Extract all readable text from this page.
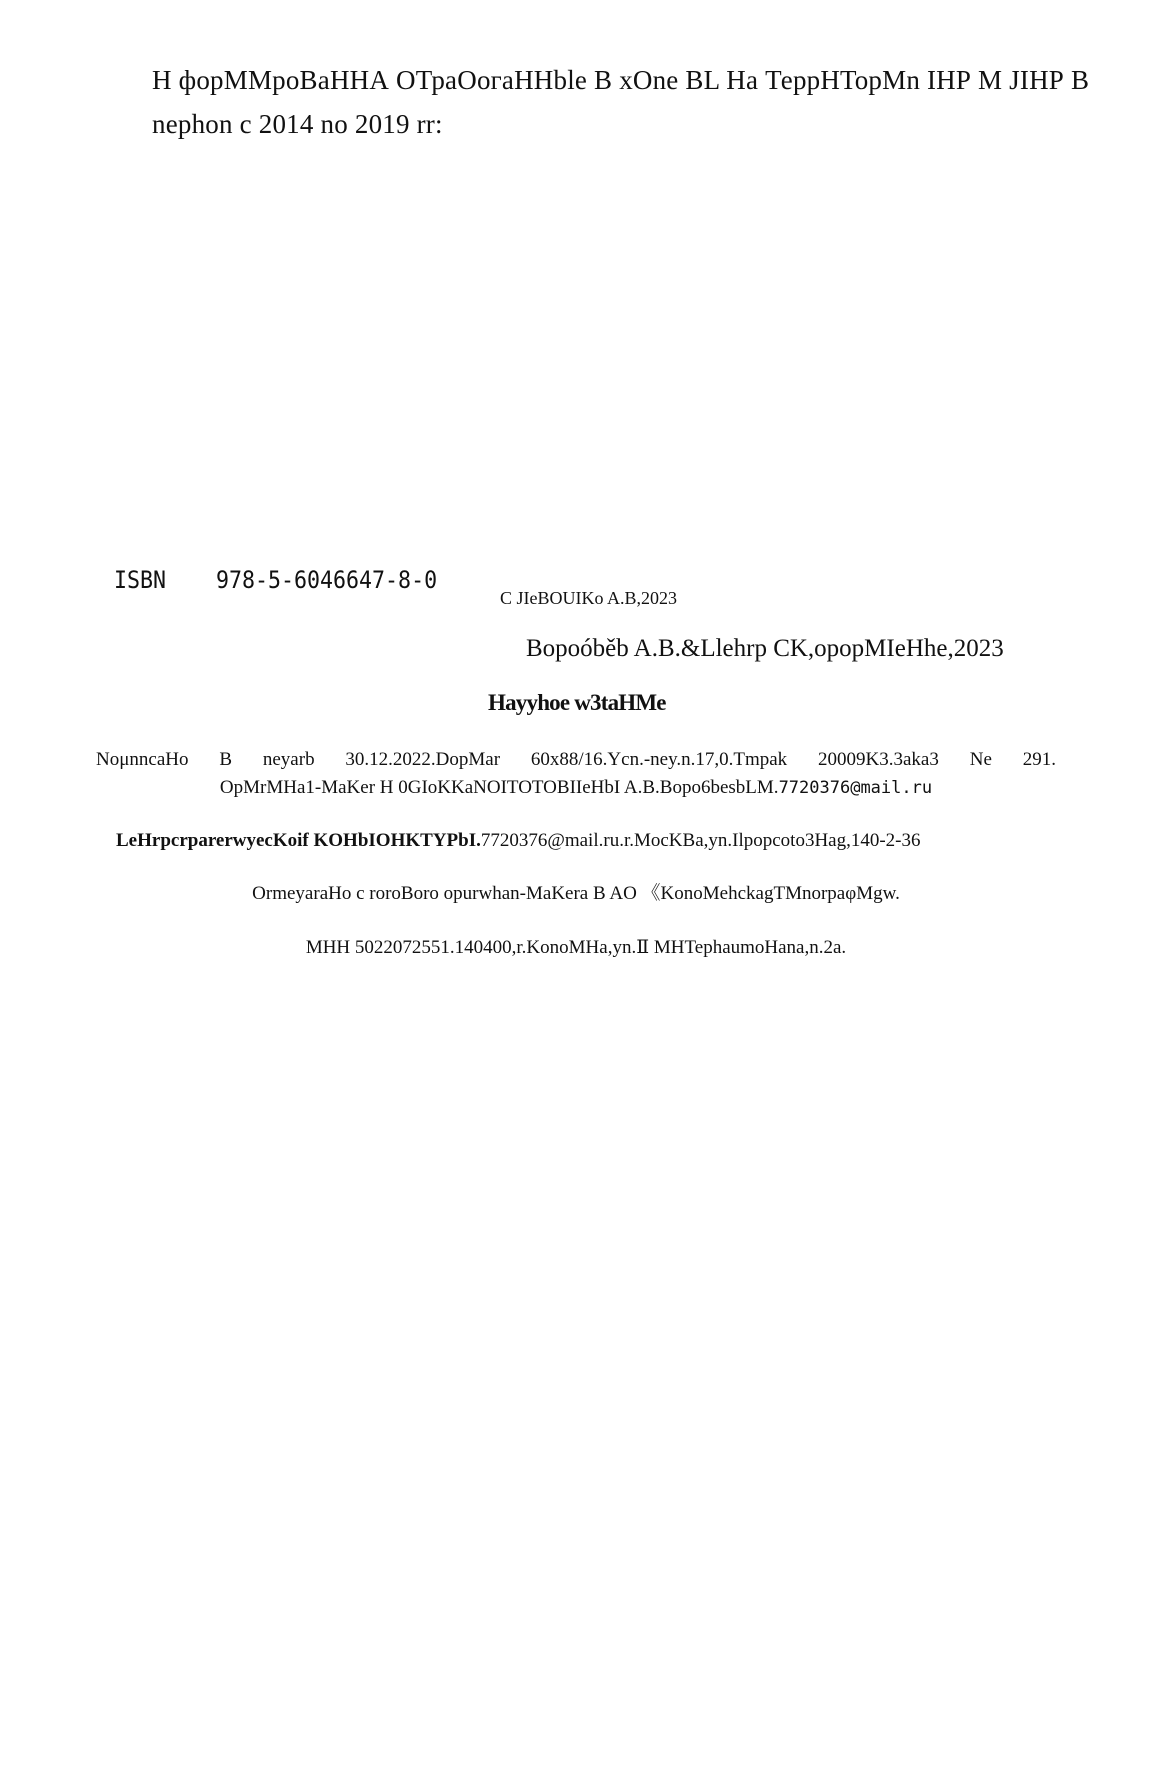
Н форММроВаННА ОТраОогаННble В хOne BL Ha ТеррНТорМn IНР М JIНР В
nephon c 2014 no 2019 rr:
ISBN 978-5-6046647-8-0
С JIeBOUIKo A.B,2023
Bopoóběb A.B.&Llehrp CK,opopMIeHhe,2023
Hayyhoe w3taHMe
NoμnncaHo B neyarb 30.12.2022.DopMar 60x88/16.Ycn.-ney.n.17,0.Tmpak 20009K3.3aka3 Ne 291.
OpMrMHa1-MaKer H 0GIoKKaNOITOTOBIIeHbI A.B.Bopo6besbLM.7720376@mail.ru
LeHrpcrparerwyecKoif KOHbIOHKTYPbI.7720376@mail.ru.r.MocKBa,yn.Ilpopcoto3Hag,140-2-36
OrmeyaraHo c roroBoro opurwhan-MaKera B AO 《KonoMehckagTMnorpaφMgw.
MHH 5022072551.140400,r.KonoMHa,yn.Ⅱ MHTephaumoHana,n.2a.
